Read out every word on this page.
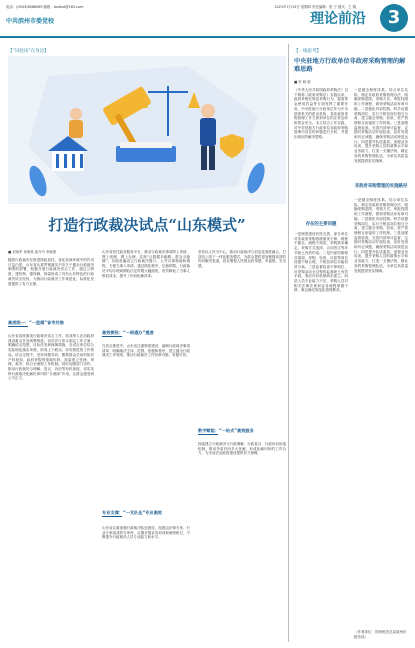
电话：(0543)6066069 邮箱：bzrbsd@163.com
中共滨州市委党校
2021年7月15日 星期四 责任编辑：张 宁 版式：王 娟
理论前沿	3
【“试验田”在身边】
打造行政裁决试点“山东模式”
■ 宋晓军 徐海燕 曲丹丹 李晓燕
随着行政裁决在推进简政放权、优化营商环境中的作用日益凸显，山东省认真贯彻落实中央关于健全行政裁决制度的部署，积极开展行政裁决试点工作，通过立制度、建机制、强保障，探索形成了具有山东特色的行政裁决试点经验，为推动行政裁决工作规范化、标准化发展提供了有力支撑。
高度统一：“一盘棋”省市共推
山东省高度重视行政裁决试点工作，将其纳入法治政府建设重点任务统筹推进。省司法厅牵头制定工作方案，明确试点范围、目标任务和保障措施，各试点单位结合实际细化落实举措，形成上下联动、协同推进的工作格局。试点过程中，坚持问题导向，聚焦群众关切的知识产权侵权、政府采购等领域纠纷，探索建立受理、审理、裁决、执行全流程工作机制。同时加强部门协作，推动行政裁决与调解、复议、诉讼等有机衔接，切实发挥行政裁决化解民事纠纷“分流阀”作用，让群众感受到公平正义。
山东省依托政务服务平台，推动行政裁决事项网上申请、网上受理、网上办理，实现“让数据多跑路、群众少跑腿”。各地普遍设立行政裁决窗口，公开办事指南和流程，方便当事人申请。通过简化程序、压缩时限，行政裁决平均办理周期较法定时限大幅缩短，有效降低了当事人维权成本，提升了纠纷化解效率。
高效便民：“一网通办”提速
在试点推进中，山东省注重制度建设，编制行政裁决事项清单，明确裁决主体、范围、依据和程序，建立健全行政裁决工作规则，推动行政裁决工作有章可循、有据可依。
专业支撑：“一支队伍”专业高效
山东省注重加强行政裁决队伍建设，组建由法律专家、行业专家组成的专家库，定期开展业务培训和案例研讨，不断提升行政裁决人员专业能力和水平。
坚持以人民为中心，推动行政裁决与信息化深度融合，打造线上线下一体化服务模式，为群众提供更加便捷高效的纠纷解决渠道，切实增强人民群众获得感、幸福感、安全感。
数字赋能：“一站式”高效服务
探索建立行政裁决与行政调解、行政复议、行政诉讼衔接机制，推动矛盾纠纷多元化解，形成化解纠纷的工作合力，为全省法治政府建设提供有力保障。
【一线思考】
中央驻地方行政单位非政府采购管理的解难思路
■ 张 晓 敏
《中华人民共和国政府采购法》以下简称《政府采购法》实施以来，政府采购在规范采购行为、提高资金使用效益等方面发挥了重要作用。中央驻地方行政单位作为中央国家机关的派出机构，其非政府采购管理工作关系到单位的正常运转和资金安全。本文结合工作实践，对中央驻地方行政单位非政府采购管理中存在的问题进行分析，并提出相应的解决思路。
存在的主要问题
一是制度建设有待完善。部分单位对非政府采购管理重视不够，制度不健全、流程不规范，采购需求确定、采购方式选择、合同签订等环节缺乏有效约束。二是内部控制相对薄弱，采购、验收、付款等岗位设置不够合理，不相容岗位未能有效分离。三是监督检查不够到位，对采购活动全过程的监督缺乏有效手段，事后评价机制尚未建立。四是人员专业能力不足，采购人员对相关法律法规和业务流程掌握不够，难以满足规范化管理要求。
一是健全制度体系。结合单位实际，制定非政府采购管理办法，明确采购范围、采购方式、审批权限和工作流程，做到采购活动有章可循。二是强化内部控制。科学设置采购岗位，实行不相容岗位相互分离，建立健全采购、验收、资产管理相互衔接的工作机制。三是加强监督检查。完善内部审计监督，定期对采购活动开展检查，及时发现和纠正问题，确保采购活动规范运行。四是提升队伍素质。加强业务培训，提升采购人员的政策水平和业务能力，打造一支懂法规、精业务的采购管理队伍，为单位高质量发展提供坚实保障。
非政府采购管理的实施路径
一是健全制度体系。结合单位实际，制定非政府采购管理办法，明确采购范围、采购方式、审批权限和工作流程，做到采购活动有章可循。二是强化内部控制。科学设置采购岗位，实行不相容岗位相互分离，建立健全采购、验收、资产管理相互衔接的工作机制。三是加强监督检查。完善内部审计监督，定期对采购活动开展检查，及时发现和纠正问题，确保采购活动规范运行。四是提升队伍素质。加强业务培训，提升采购人员的政策水平和业务能力，打造一支懂法规、精业务的采购管理队伍，为单位高质量发展提供坚实保障。
（作者单位：国家税务总局滨州市税务局）
